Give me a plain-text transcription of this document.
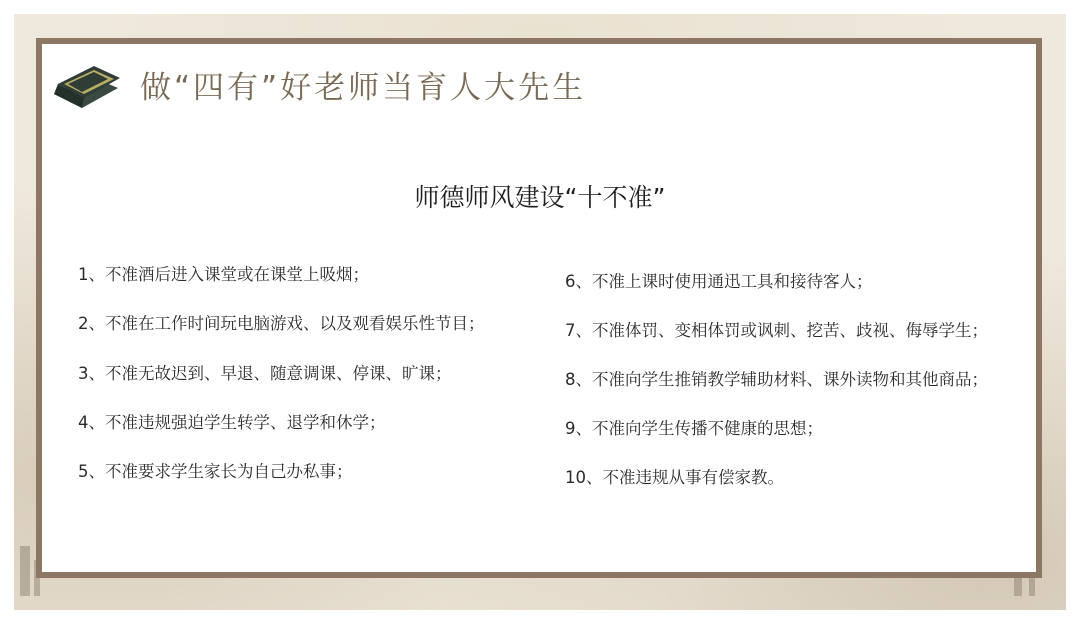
做“四有”好老师当育人大先生
师德师风建设“十不准”
1、不准酒后进入课堂或在课堂上吸烟；
2、不准在工作时间玩电脑游戏、以及观看娱乐性节目；
3、不准无故迟到、早退、随意调课、停课、旷课；
4、不准违规强迫学生转学、退学和休学；
5、不准要求学生家长为自己办私事；
6、不准上课时使用通迅工具和接待客人；
7、不准体罚、变相体罚或讽刺、挖苦、歧视、侮辱学生；
8、不准向学生推销教学辅助材料、课外读物和其他商品；
9、不准向学生传播不健康的思想；
10、不准违规从事有偿家教。
